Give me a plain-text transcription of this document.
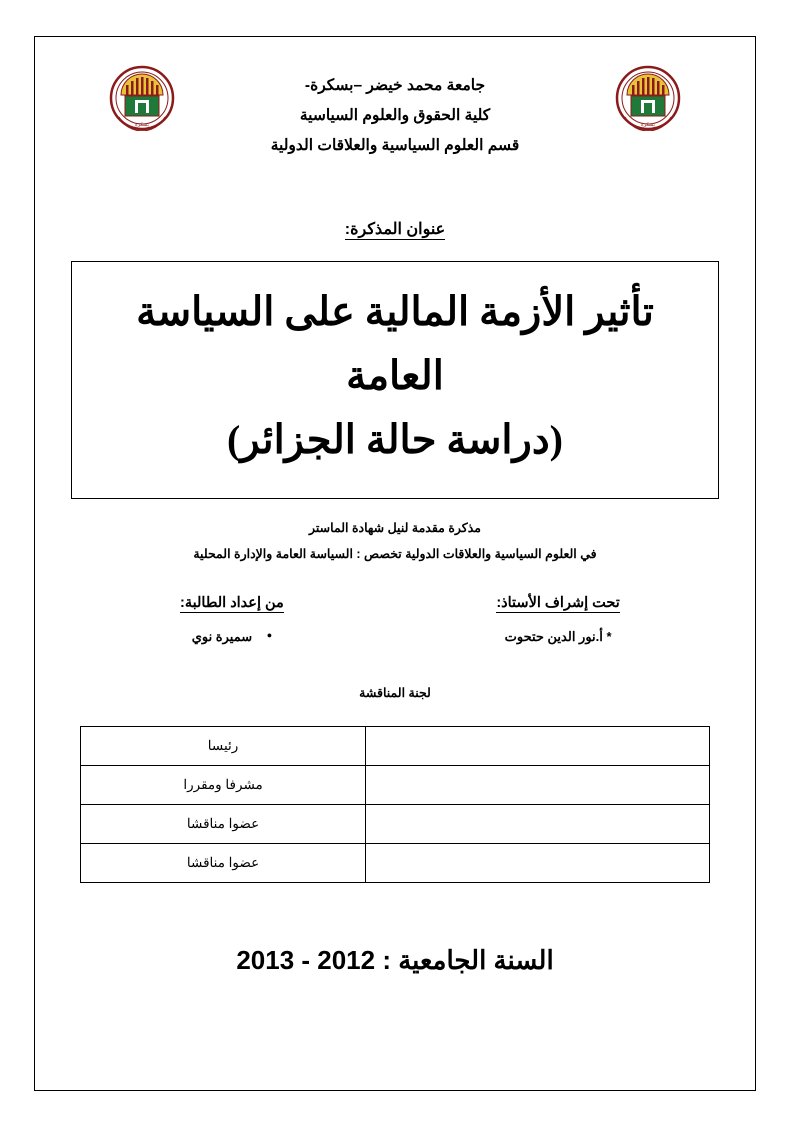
بسكرة
بسكرة
جامعة محمد خيضر –بسكرة-
كلية الحقوق والعلوم السياسية
قسم العلوم السياسية والعلاقات الدولية
عنوان المذكرة:
تأثير الأزمة المالية على السياسة العامة
(دراسة حالة الجزائر)
مذكرة مقدمة لنيل شهادة الماستر
في العلوم السياسية والعلاقات الدولية تخصص : السياسة العامة والإدارة المحلية
تحت إشراف الأستاذ:
* أ.نور الدين حتحوت
من إعداد الطالبة:
● سميرة نوي
لجنة المناقشة
	رئيسا
	مشرفا ومقررا
	عضوا مناقشا
	عضوا مناقشا
السنة الجامعية : 2012 - 2013
